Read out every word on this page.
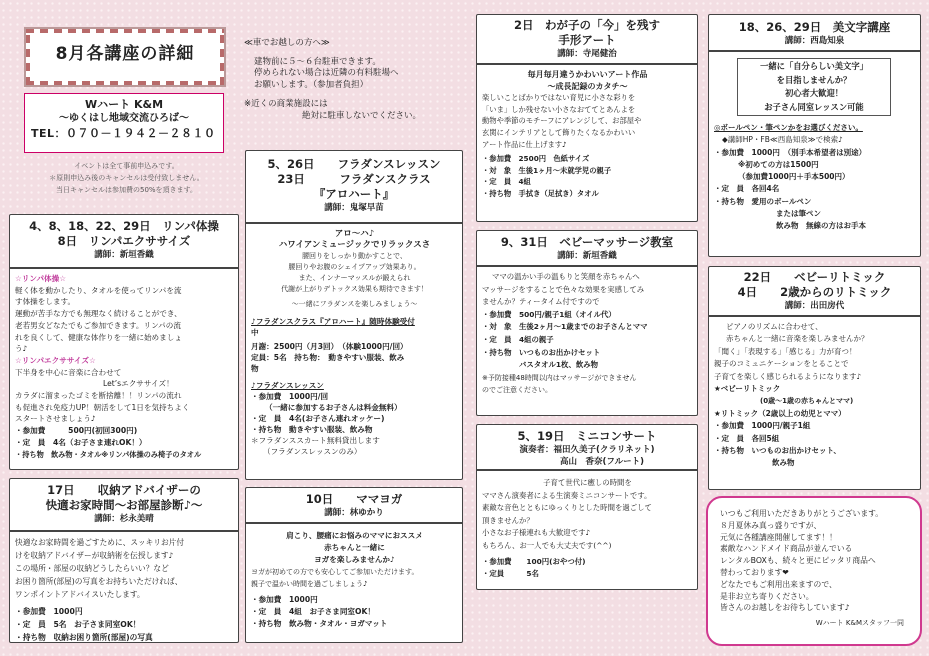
8月各講座の詳細
Wハート K&M
～ゆくはし地域交流ひろば～
TEL：０７０－１９４２－２８１０
イベントは全て事前申込みです。
＊原則申込み後のキャンセルは受付致しません。
当日キャンセルは参加費の50%を頂きます。
≪車でお越しの方へ≫
建物前に５～６台駐車できます。
停められない場合は近隣の有料駐場へ
お願いします。（参加者負担）
※近くの商業施設には
絶対に駐車しないでください。
4、8、18、22、29日　リンパ体操
8日　リンパエクササイズ
講師：新垣香織
☆リンパ体操☆
軽く体を動かしたり、タオルを使ってリンパを流
す体操をします。
運動が苦手な方でも無理なく続けることができ、
老若男女どなたでもご参加できます。リンパの流
れを良くして、健康な体作りを一緒に始めましょ
う♪
☆リンパエクササイズ☆
下半身を中心に音楽に合わせて
Let’sエクササイズ！
カラダに溜まったゴミを断捨離！！リンパの流れ
も促進され免疫力UP！朝活をして1日を気持ちよく
スタートさせましょう♪
・参加費　　　500円(初回300円)
・定　員　4名（お子さま連れOK！）
・持ち物　飲み物・タオル※リンパ体操のみ椅子のタオル
17日　　収納アドバイザーの
快適お家時間～お部屋診断♪～
講師：杉永美晴
快適なお家時間を過ごすために、スッキリお片付
けを収納アドバイザーが収納術を伝授します♪
この場所・部屋の収納どうしたらいい？など
お困り箇所(部屋)の写真をお持ちいただければ、
ワンポイントアドバイスいたします。
・参加費　1000円
・定　員　5名　お子さま同室OK！
・持ち物　収納お困り箇所(部屋)の写真
5、26日　　フラダンスレッスン
23日　　　フラダンスクラス
『アロハート』
講師：鬼塚早苗
アロ～ハ♪
ハワイアンミュージックでリラックスさ
腰回りをしっかり動かすことで、
腰回りやお腹のシェイプアップ効果あり。
また、インナーマッスルが鍛えられ
代謝が上がりデトックス効果も期待できます！
～一緒にフラダンスを楽しみましょう～
♪フラダンスクラス『アロハート』随時体験受付
中
月謝：2500円（月3回）　（体験1000円/回）
定員：5名　持ち物：　動きやすい服装、飲み
物
♪フラダンスレッスン
・参加費　1000円/回
（一緒に参加するお子さんは料金無料）
・定　員　4名(お子さん連れオッケー)
・持ち物　動きやすい服装、飲み物
＊フラダンススカート無料貸出します
（フラダンスレッスンのみ）
10日　　ママヨガ
講師：林ゆかり
肩こり、腰痛にお悩みのママにおススメ
赤ちゃんと一緒に
ヨガを楽しみませんか♪
ヨガが初めての方でも安心してご参加いただけます。
親子で温かい時間を過ごしましょう♪
・参加費　1000円
・定　員　4組　お子さま同室OK！
・持ち物　飲み物・タオル・ヨガマット
2日　わが子の「今」を残す
手形アート
講師：寺尾健治
毎月毎月違うかわいいアート作品
～成長記録のカタチ～
楽しいことばかりではない育児に小さな彩りを
「いま」しか残せない小さなおててとあんよを
動物や季節のモチーフにアレンジして、お部屋や
玄関にインテリアとして飾りたくなるかわいい
アート作品に仕上げます♪
・参加費　2500円　色紙サイズ
・対　象　生後1ヶ月～未就学児の親子
・定　員　4組
・持ち物　手拭き（足拭き）タオル
9、31日　ベビーマッサージ教室
講師：新垣香織
ママの温かい手の温もりと笑顔を赤ちゃんへ
マッサージをすることで色々な効果を実感してみ
ませんか？ティータイム付ですので
・参加費　500円/親子1組（オイル代）
・対　象　生後2ヶ月～1歳までのお子さんとママ
・定　員　4組の親子
・持ち物　いつものお出かけセット
　　　　　バスタオル1枚、飲み物
※予防接種48時間以内はマッサージができません
のでご注意ください。
5、19日　ミニコンサート
演奏者：福田久美子(クラリネット)
高山　香奈(フルート)
子育て世代に癒しの時間を
ママさん演奏者による生演奏ミニコンサートです。
素敵な音色とともにゆっくりとした時間を過ごして
頂きませんか？
小さなお子様連れも大歓迎です♪
もちろん、お一人でも大丈夫です(^^)
・参加費　　100円(おやつ付)
・定員　　　5名
18、26、29日　美文字講座
講師：西島知泉
一緒に「自分らしい美文字」
を目指しませんか？
初心者大歓迎！
お子さん同室レッスン可能
◎ボールペン・筆ペンかをお選びください。
◆講師HP・FB≪西島知泉≫で検索♪
・参加費　1000円　（別手本希望者は別途）
※初めての方は1500円
（参加費1000円＋手本500円）
・定　員　各回4名
・持ち物　愛用のボールペン
または筆ペン
飲み物　無線の方はお手本
22日　　ベビーリトミック
4日　　2歳からのリトミック
講師：出田房代
ピアノのリズムに合わせて、
赤ちゃんと一緒に音楽を楽しみませんか？
「聞く」「表現する」「感じる」力が育つ！
親子のコミュニケーションをとることで
子育てを楽しく感じられるようになります♪
★ベビーリトミック
(0歳～1歳の赤ちゃんとママ)
★リトミック（2歳以上の幼児とママ）
・参加費　1000円/親子1組
・定　員　各回5組
・持ち物　いつものお出かけセット、
飲み物
いつもご利用いただきありがとうございます。
８月夏休み真っ盛りですが、
元気に各種講座開催してます！！
素敵なハンドメイド商品が並んでいる
レンタルBOXも、続々と更にピッタリ商品へ
替わっております❤
どなたでもご利用出来ますので、
是非お立ち寄りください。
皆さんのお越しをお待ちしています♪
Wハート K&Mスタッフ一同
